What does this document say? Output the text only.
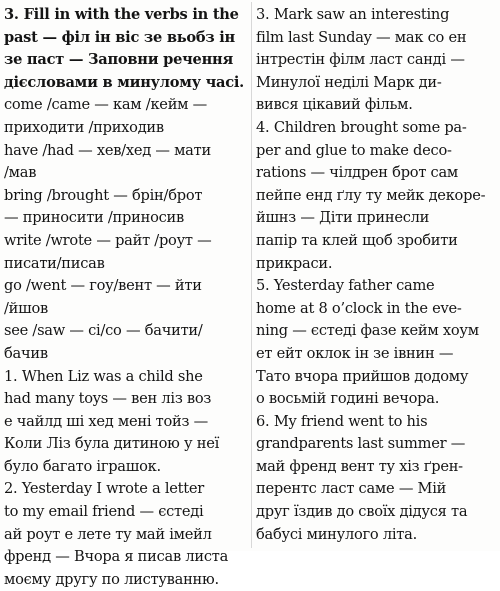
3. Fill in with the verbs in the
past — філ ін віс зе вьобз ін
зе паст — Заповни речення
дієсловами в минулому часі.
come /came — кам /кейм —
приходити /приходив
have /had — хев/хед — мати
/мав
bring /brought — брін/брот
— приносити /приносив
write /wrote — райт /роут —
писати/писав
go /went — гоу/вент — йти
/йшов
see /saw — сі/со — бачити/
бачив
1. When Liz was a child she
had many toys — вен ліз воз
е чайлд ші хед мені тойз —
Коли Ліз була дитиною у неї
було багато іграшок.
2. Yesterday I wrote a letter
to my email friend — єстеді
ай роут е лете ту май імейл
френд — Вчора я писав листа
моєму другу по листуванню.
3. Mark saw an interesting
film last Sunday — мак со ен
інтрестін філм ласт санді —
Минулої неділі Марк ди-
вився цікавий фільм.
4. Children brought some pa-
per and glue to make deco-
rations — чілдрен брот сам
пейпе енд ґлу ту мейк декоре-
йшнз — Діти принесли
папір та клей щоб зробити
прикраси.
5. Yesterday father came
home at 8 o’clock in the eve-
ning — єстеді фазе кейм хоум
ет ейт оклок ін зе івнин —
Тато вчора прийшов додому
о восьмій годині вечора.
6. My friend went to his
grandparents last summer —
май френд вент ту хіз ґрен-
перентс ласт саме — Мій
друг їздив до своїх дідуся та
бабусі минулого літа.
